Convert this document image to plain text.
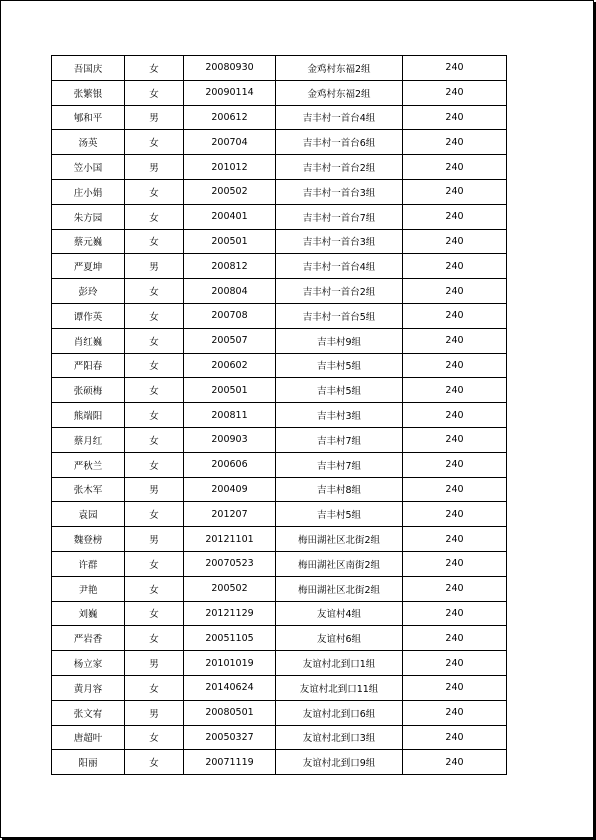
吾国庆	女	20080930	金鸡村东福2组	240
张繁银	女	20090114	金鸡村东福2组	240
郇和平	男	200612	吉丰村一首台4组	240
汤英	女	200704	吉丰村一首台6组	240
笠小国	男	201012	吉丰村一首台2组	240
庄小娟	女	200502	吉丰村一首台3组	240
朱方园	女	200401	吉丰村一首台7组	240
蔡元巍	女	200501	吉丰村一首台3组	240
严夏坤	男	200812	吉丰村一首台4组	240
彭玲	女	200804	吉丰村一首台2组	240
谭作英	女	200708	吉丰村一首台5组	240
肖红巍	女	200507	吉丰村9组	240
严阳春	女	200602	吉丰村5组	240
张硕梅	女	200501	吉丰村5组	240
熊端阳	女	200811	吉丰村3组	240
蔡月红	女	200903	吉丰村7组	240
严秋兰	女	200606	吉丰村7组	240
张木军	男	200409	吉丰村8组	240
袁园	女	201207	吉丰村5组	240
魏登榜	男	20121101	梅田湖社区北街2组	240
许群	女	20070523	梅田湖社区南街2组	240
尹艳	女	200502	梅田湖社区北街2组	240
刘巍	女	20121129	友谊村4组	240
严岩香	女	20051105	友谊村6组	240
杨立家	男	20101019	友谊村北到口1组	240
黄月容	女	20140624	友谊村北到口11组	240
张文宥	男	20080501	友谊村北到口6组	240
唐超叶	女	20050327	友谊村北到口3组	240
阳丽	女	20071119	友谊村北到口9组	240
